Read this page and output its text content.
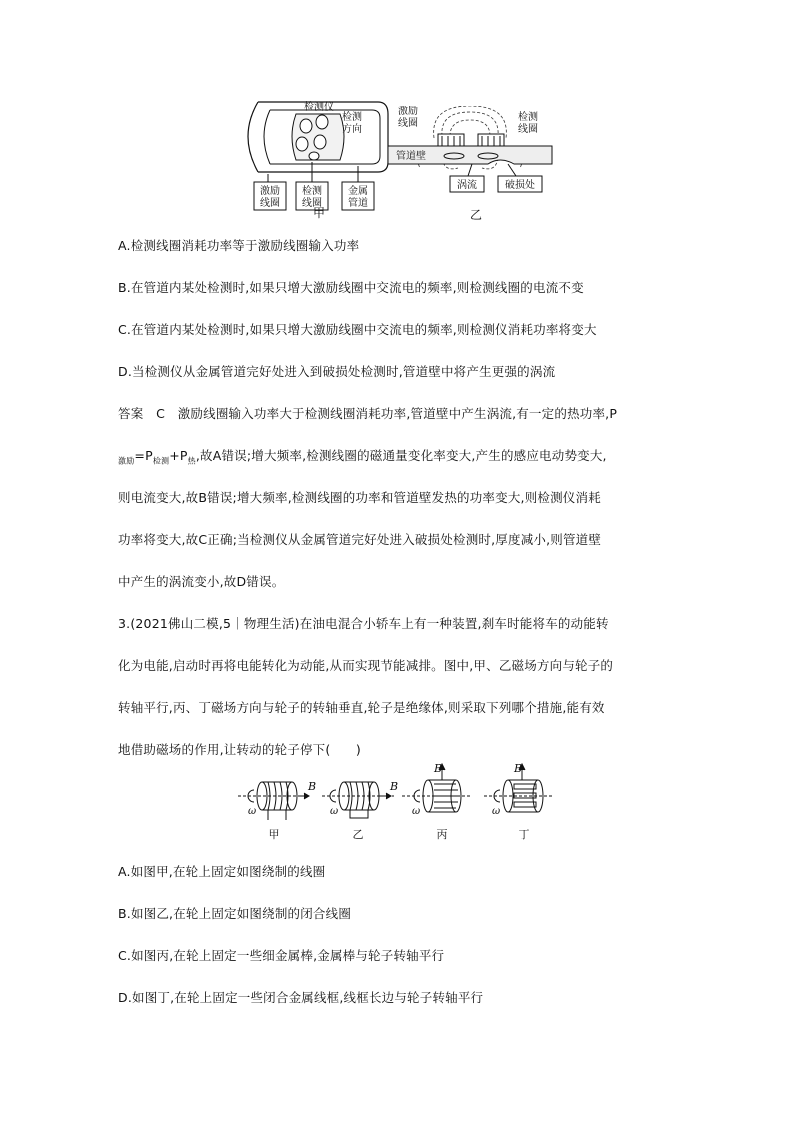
激励
线圈
检测
线圈
金属
管道
检测仪
检测
方向
甲
激励
线圈
检测
线圈
管道壁
涡流	破损处
乙
A.检测线圈消耗功率等于激励线圈输入功率
B.在管道内某处检测时,如果只增大激励线圈中交流电的频率,则检测线圈的电流不变
C.在管道内某处检测时,如果只增大激励线圈中交流电的频率,则检测仪消耗功率将变大
D.当检测仪从金属管道完好处进入到破损处检测时,管道壁中将产生更强的涡流
答案　C　激励线圈输入功率大于检测线圈消耗功率,管道壁中产生涡流,有一定的热功率,P
$_{激励}=P_{检测}+P_热$,故A错误;增大频率,检测线圈的磁通量变化率变大,产生的感应电动势变大,
则电流变大,故B错误;增大频率,检测线圈的功率和管道壁发热的功率变大,则检测仪消耗
功率将变大,故C正确;当检测仪从金属管道完好处进入破损处检测时,厚度减小,则管道壁
中产生的涡流变小,故D错误。
3.(2021佛山二模,5｜物理生活)在油电混合小轿车上有一种装置,刹车时能将车的动能转
化为电能,启动时再将电能转化为动能,从而实现节能减排。图中,甲、乙磁场方向与轮子的
转轴平行,丙、丁磁场方向与轮子的转轴垂直,轮子是绝缘体,则采取下列哪个措施,能有效
地借助磁场的作用,让转动的轮子停下(　　)
B	B
B	B
ω	ω	ω	ω
甲	乙	丙	丁
A.如图甲,在轮上固定如图绕制的线圈
B.如图乙,在轮上固定如图绕制的闭合线圈
C.如图丙,在轮上固定一些细金属棒,金属棒与轮子转轴平行
D.如图丁,在轮上固定一些闭合金属线框,线框长边与轮子转轴平行
